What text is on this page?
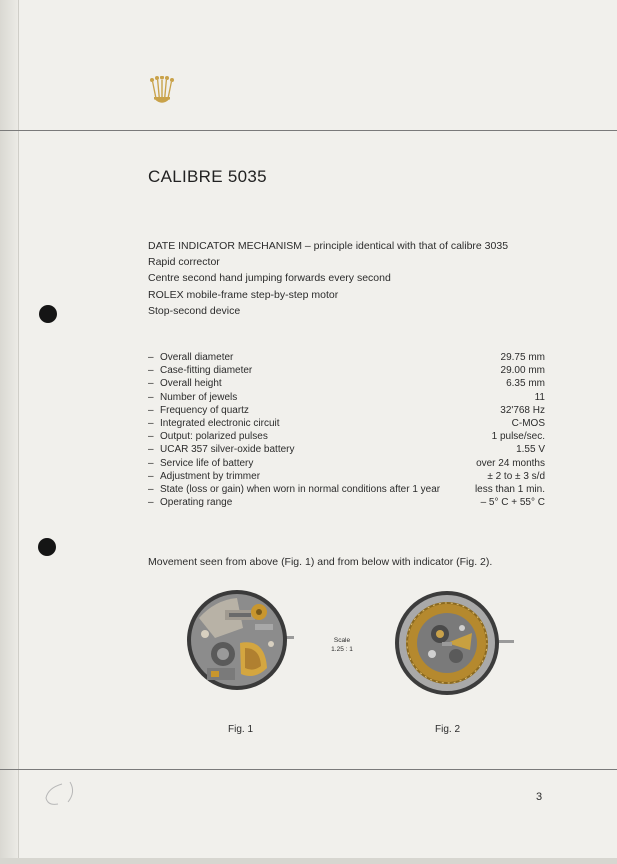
CALIBRE 5035
DATE INDICATOR MECHANISM – principle identical with that of calibre 3035
Rapid corrector
Centre second hand jumping forwards every second
ROLEX mobile-frame step-by-step motor
Stop-second device
– Overall diameter	29.75 mm
– Case-fitting diameter	29.00 mm
– Overall height	6.35 mm
– Number of jewels	11
– Frequency of quartz	32'768 Hz
– Integrated electronic circuit	C-MOS
– Output: polarized pulses	1 pulse/sec.
– UCAR 357 silver-oxide battery	1.55 V
– Service life of battery	over 24 months
– Adjustment by trimmer	± 2 to ± 3 s/d
– State (loss or gain) when worn in normal conditions after 1 year	less than 1 min.
– Operating range	– 5° C + 55° C
Movement seen from above (Fig. 1) and from below with indicator (Fig. 2).
Scale
1.25 : 1
Fig. 1	Fig. 2
3
